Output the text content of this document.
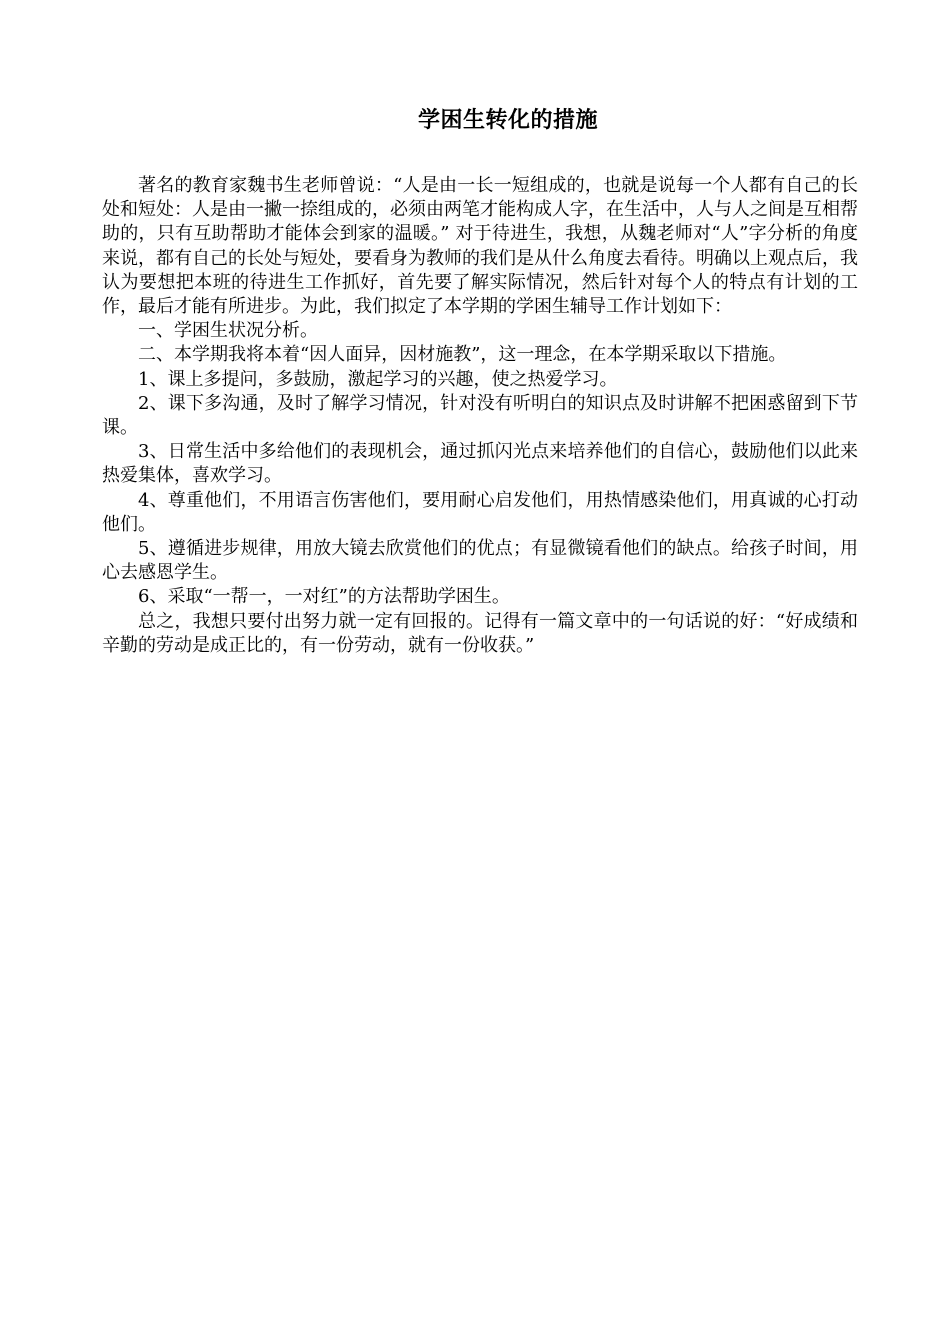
学困生转化的措施

著名的教育家魏书生老师曾说：“人是由一长一短组成的，也就是说每一个人都有自己的长处和短处：人是由一撇一捺组成的，必须由两笔才能构成人字，在生活中，人与人之间是互相帮助的，只有互助帮助才能体会到家的温暖。” 对于待进生，我想，从魏老师对“人”字分析的角度来说，都有自己的长处与短处，要看身为教师的我们是从什么角度去看待。明确以上观点后，我认为要想把本班的待进生工作抓好，首先要了解实际情况，然后针对每个人的特点有计划的工作，最后才能有所进步。为此，我们拟定了本学期的学困生辅导工作计划如下：

一、学困生状况分析。

二、本学期我将本着“因人面异，因材施教”，这一理念，在本学期采取以下措施。

1、课上多提问，多鼓励，激起学习的兴趣，使之热爱学习。

2、课下多沟通，及时了解学习情况，针对没有听明白的知识点及时讲解不把困惑留到下节课。

3、日常生活中多给他们的表现机会，通过抓闪光点来培养他们的自信心，鼓励他们以此来热爱集体，喜欢学习。

4、尊重他们，不用语言伤害他们，要用耐心启发他们，用热情感染他们，用真诚的心打动他们。

5、遵循进步规律，用放大镜去欣赏他们的优点；有显微镜看他们的缺点。给孩子时间，用心去感恩学生。

6、采取“一帮一，一对红”的方法帮助学困生。

总之，我想只要付出努力就一定有回报的。记得有一篇文章中的一句话说的好：“好成绩和辛勤的劳动是成正比的，有一份劳动，就有一份收获。”
